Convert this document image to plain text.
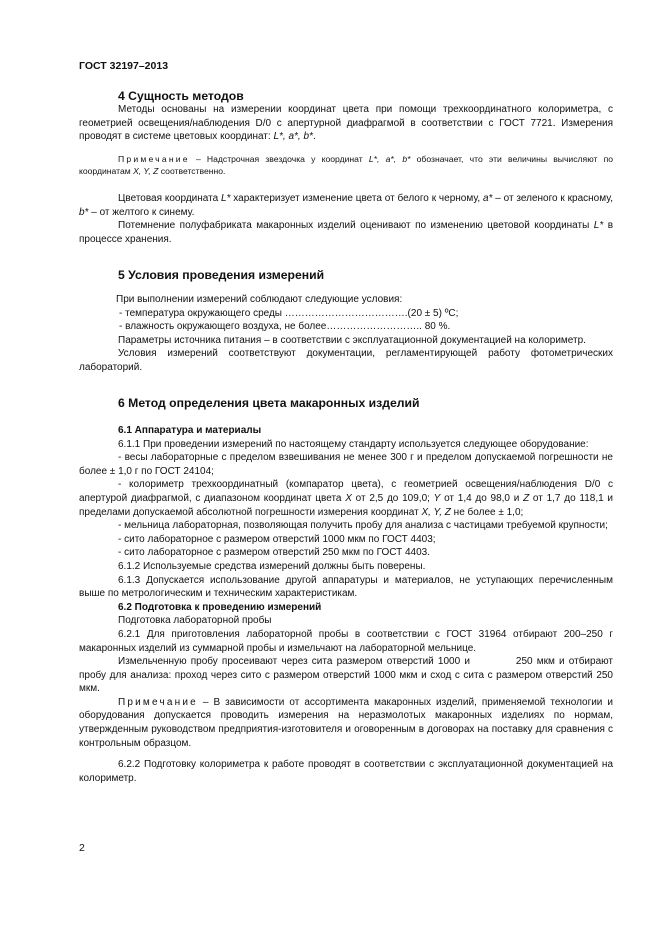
ГОСТ 32197–2013
4 Сущность методов

Методы основаны на измерении координат цвета при помощи трехкоординатного колориметра, с геометрией освещения/наблюдения D/0 с апертурной диафрагмой в соответствии с ГОСТ 7721. Измерения проводят в системе цветовых координат: L*, a*, b*.

Примечание – Надстрочная звездочка у координат L*, a*, b* обозначает, что эти величины вычисляют по координатам X, Y, Z соответственно.

Цветовая координата L* характеризует изменение цвета от белого к черному, a* – от зеленого к красному, b* – от желтого к синему.

Потемнение полуфабриката макаронных изделий оценивают по изменению цветовой координаты L* в процессе хранения.

5 Условия проведения измерений

При выполнении измерений соблюдают следующие условия:

- температура окружающего среды ……………………………….(20 ± 5) ºС;

- влажность окружающего воздуха, не более……………………….. 80 %.

Параметры источника питания – в соответствии с эксплуатационной документацией на колориметр.

Условия измерений соответствуют документации, регламентирующей работу фотометрических лабораторий.

6 Метод определения цвета макаронных изделий

6.1 Аппаратура и материалы

6.1.1 При проведении измерений по настоящему стандарту используется следующее оборудование:

- весы лабораторные с пределом взвешивания не менее 300 г и пределом допускаемой погрешности не более ± 1,0 г по ГОСТ 24104;

- колориметр трехкоординатный (компаратор цвета), с геометрией освещения/наблюдения D/0 с апертурой диафрагмой, с диапазоном координат цвета X от 2,5 до 109,0; Y от 1,4 до 98,0 и Z от 1,7 до 118,1 и пределами допускаемой абсолютной погрешности измерения координат X, Y, Z не более ± 1,0;

- мельница лабораторная, позволяющая получить пробу для анализа с частицами требуемой крупности;

- сито лабораторное с размером отверстий 1000 мкм по ГОСТ 4403;

- сито лабораторное с размером отверстий 250 мкм по ГОСТ 4403.

6.1.2 Используемые средства измерений должны быть поверены.

6.1.3 Допускается использование другой аппаратуры и материалов, не уступающих перечисленным выше по метрологическим и техническим характеристикам.

6.2 Подготовка к проведению измерений

Подготовка лабораторной пробы

6.2.1 Для приготовления лабораторной пробы в соответствии с ГОСТ 31964 отбирают 200–250 г макаронных изделий из суммарной пробы и измельчают на лабораторной мельнице.

Измельченную пробу просеивают через сита размером отверстий 1000 и	250 мкм и отбирают пробу для анализа: проход через сито с размером отверстий 1000 мкм и сход с сита с размером отверстий 250 мкм.

Примечание – В зависимости от ассортимента макаронных изделий, применяемой технологии и оборудования допускается проводить измерения на неразмолотых макаронных изделиях по нормам, утвержденным руководством предприятия-изготовителя и оговоренным в договорах на поставку для сравнения с контрольным образцом.

6.2.2 Подготовку колориметра к работе проводят в соответствии с эксплуатационной документацией на колориметр.

2
